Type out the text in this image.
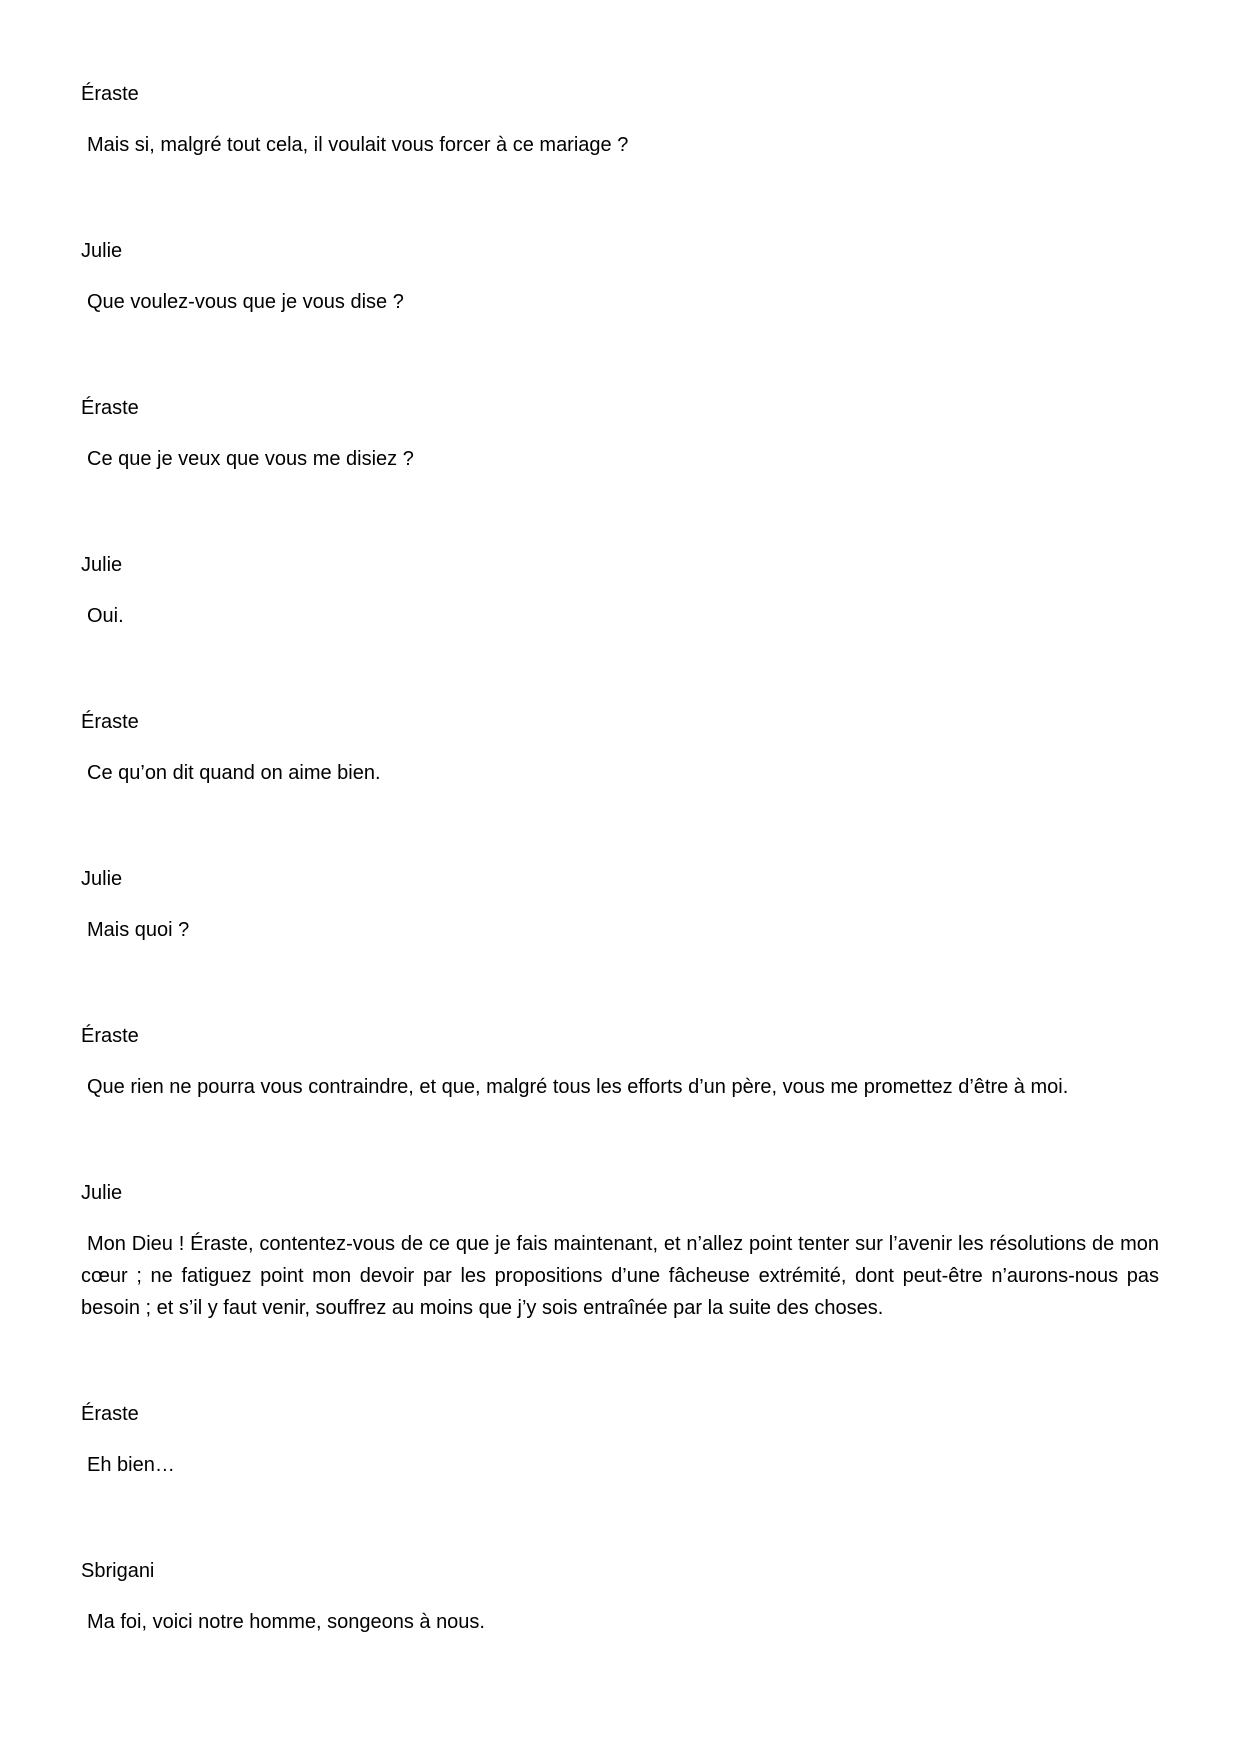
Éraste

Mais si, malgré tout cela, il voulait vous forcer à ce mariage ?

Julie

Que voulez-vous que je vous dise ?

Éraste

Ce que je veux que vous me disiez ?

Julie

Oui.

Éraste

Ce qu’on dit quand on aime bien.

Julie

Mais quoi ?

Éraste

Que rien ne pourra vous contraindre, et que, malgré tous les efforts d’un père, vous me promettez d’être à moi.

Julie

Mon Dieu ! Éraste, contentez-vous de ce que je fais maintenant, et n’allez point tenter sur l’avenir les résolutions de mon cœur ; ne fatiguez point mon devoir par les propositions d’une fâcheuse extrémité, dont peut-être n’aurons-nous pas besoin ; et s’il y faut venir, souffrez au moins que j’y sois entraînée par la suite des choses.

Éraste

Eh bien…

Sbrigani

Ma foi, voici notre homme, songeons à nous.
